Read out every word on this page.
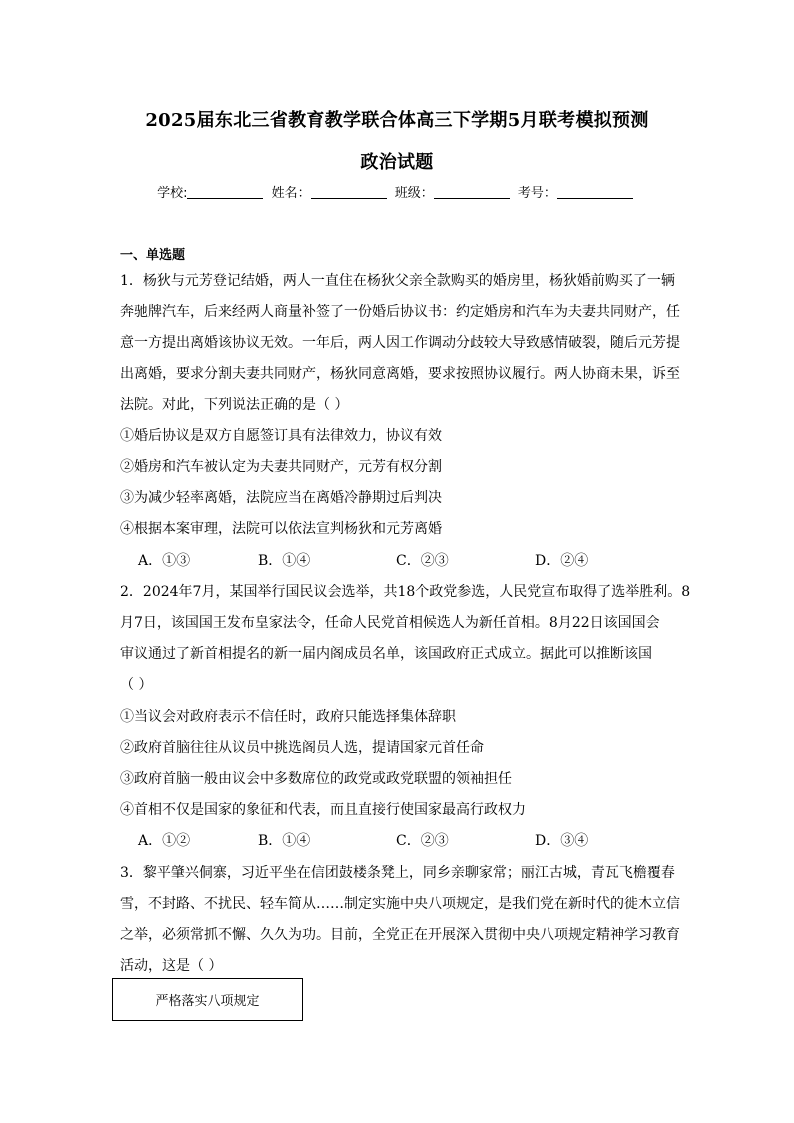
2025届东北三省教育教学联合体高三下学期5月联考模拟预测
政治试题
学校:	姓名：	班级：	考号：
一、单选题
1．杨狄与元芳登记结婚，两人一直住在杨狄父亲全款购买的婚房里，杨狄婚前购买了一辆
奔驰牌汽车，后来经两人商量补签了一份婚后协议书：约定婚房和汽车为夫妻共同财产，任
意一方提出离婚该协议无效。一年后，两人因工作调动分歧较大导致感情破裂，随后元芳提
出离婚，要求分割夫妻共同财产，杨狄同意离婚，要求按照协议履行。两人协商未果，诉至
法院。对此，下列说法正确的是（ ）
①婚后协议是双方自愿签订具有法律效力，协议有效
②婚房和汽车被认定为夫妻共同财产，元芳有权分割
③为减少轻率离婚，法院应当在离婚冷静期过后判决
④根据本案审理，法院可以依法宣判杨狄和元芳离婚
A．①③	B．①④	C．②③	D．②④
2．2024年7月，某国举行国民议会选举，共18个政党参选，人民党宣布取得了选举胜利。8
月7日，该国国王发布皇家法令，任命人民党首相候选人为新任首相。8月22日该国国会
审议通过了新首相提名的新一届内阁成员名单，该国政府正式成立。据此可以推断该国
（ ）
①当议会对政府表示不信任时，政府只能选择集体辞职
②政府首脑往往从议员中挑选阁员人选，提请国家元首任命
③政府首脑一般由议会中多数席位的政党或政党联盟的领袖担任
④首相不仅是国家的象征和代表，而且直接行使国家最高行政权力
A．①②	B．①④	C．②③	D．③④
3．黎平肇兴侗寨，习近平坐在信团鼓楼条凳上，同乡亲聊家常；丽江古城，青瓦飞檐覆春
雪，不封路、不扰民、轻车简从……制定实施中央八项规定，是我们党在新时代的徙木立信
之举，必须常抓不懈、久久为功。目前，全党正在开展深入贯彻中央八项规定精神学习教育
活动，这是（ ）
严格落实八项规定
